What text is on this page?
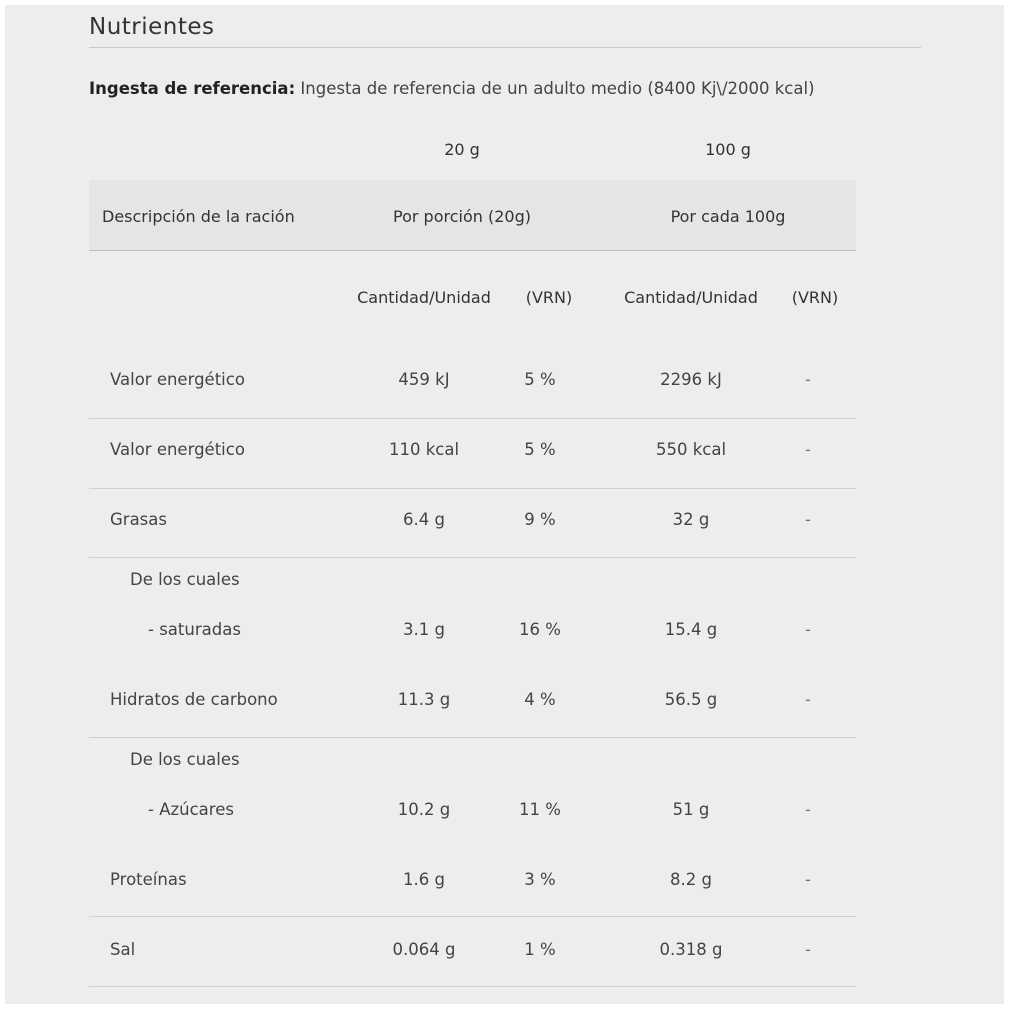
Nutrientes
Ingesta de referencia: Ingesta de referencia de un adulto medio (8400 Kj\/2000 kcal)
20 g	100 g
Descripción de la ración	Por porción (20g)	Por cada 100g
Cantidad/Unidad (VRN)	Cantidad/Unidad (VRN)
Valor energético	459 kJ	5 %	2296 kJ	-
Valor energético	110 kcal	5 %	550 kcal	-
Grasas	6.4 g	9 %	32 g	-
De los cuales
- saturadas	3.1 g	16 %	15.4 g	-
Hidratos de carbono	11.3 g	4 %	56.5 g	-
De los cuales
- Azúcares	10.2 g	11 %	51 g	-
Proteínas	1.6 g	3 %	8.2 g	-
Sal	0.064 g	1 %	0.318 g	-
